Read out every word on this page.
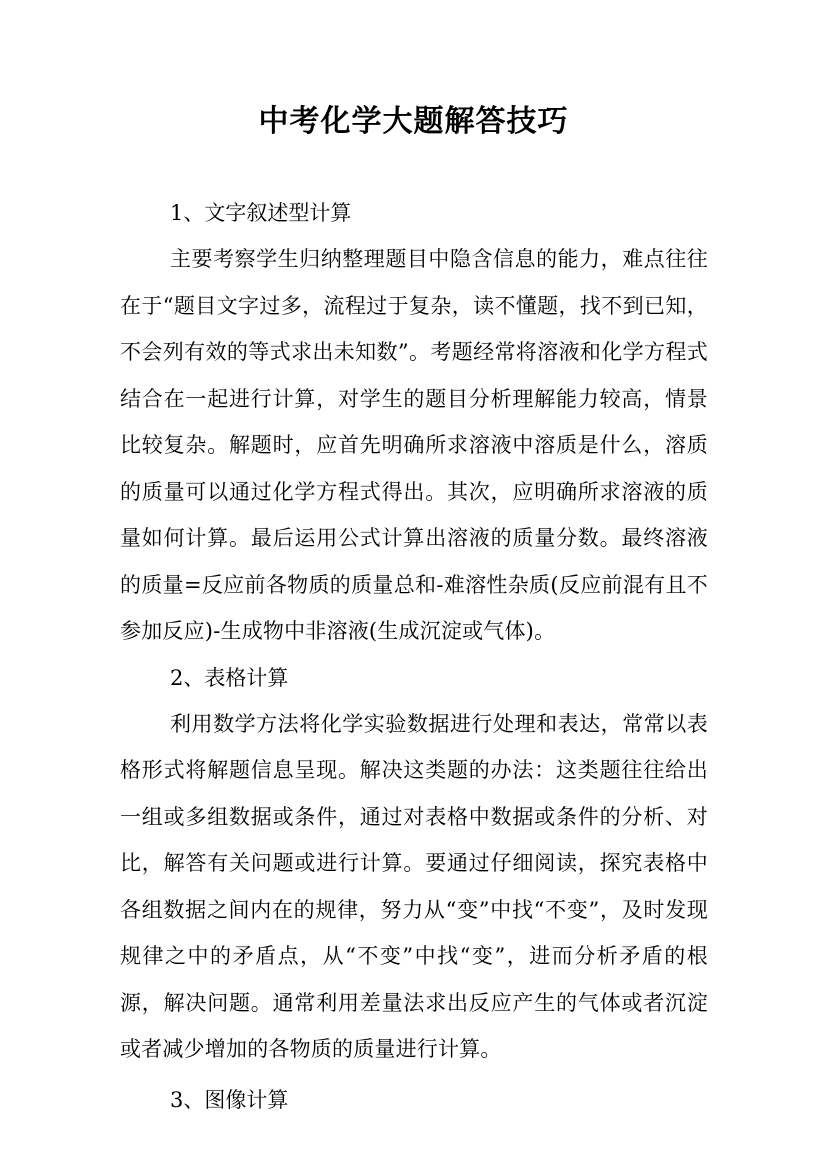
中考化学大题解答技巧

1、文字叙述型计算

主要考察学生归纳整理题目中隐含信息的能力，难点往往在于“题目文字过多，流程过于复杂，读不懂题，找不到已知，不会列有效的等式求出未知数”。考题经常将溶液和化学方程式结合在一起进行计算，对学生的题目分析理解能力较高，情景比较复杂。解题时，应首先明确所求溶液中溶质是什么，溶质的质量可以通过化学方程式得出。其次，应明确所求溶液的质量如何计算。最后运用公式计算出溶液的质量分数。最终溶液的质量=反应前各物质的质量总和-难溶性杂质(反应前混有且不参加反应)-生成物中非溶液(生成沉淀或气体)。

2、表格计算

利用数学方法将化学实验数据进行处理和表达，常常以表格形式将解题信息呈现。解决这类题的办法：这类题往往给出一组或多组数据或条件，通过对表格中数据或条件的分析、对比，解答有关问题或进行计算。要通过仔细阅读，探究表格中各组数据之间内在的规律，努力从“变”中找“不变”，及时发现规律之中的矛盾点，从“不变”中找“变”，进而分析矛盾的根源，解决问题。通常利用差量法求出反应产生的气体或者沉淀或者减少增加的各物质的质量进行计算。

3、图像计算
